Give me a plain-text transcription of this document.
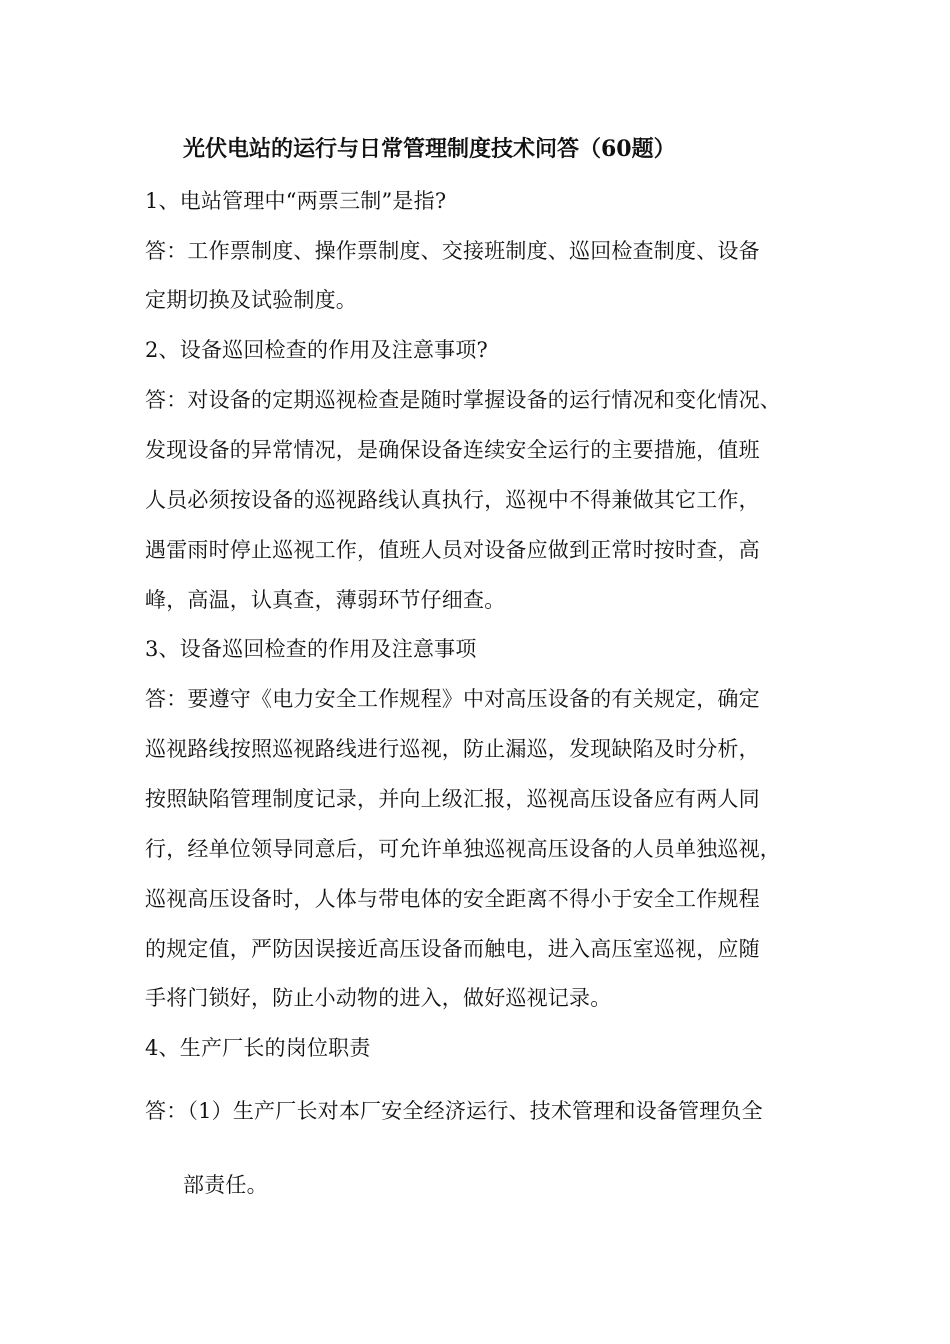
光伏电站的运行与日常管理制度技术问答（60题）
1、电站管理中“两票三制”是指?
答：工作票制度、操作票制度、交接班制度、巡回检查制度、设备
定期切换及试验制度。
2、设备巡回检查的作用及注意事项?
答：对设备的定期巡视检查是随时掌握设备的运行情况和变化情况、
发现设备的异常情况，是确保设备连续安全运行的主要措施，值班
人员必须按设备的巡视路线认真执行，巡视中不得兼做其它工作，
遇雷雨时停止巡视工作，值班人员对设备应做到正常时按时查，高
峰，高温，认真查，薄弱环节仔细查。
3、设备巡回检查的作用及注意事项
答：要遵守《电力安全工作规程》中对高压设备的有关规定，确定
巡视路线按照巡视路线进行巡视，防止漏巡，发现缺陷及时分析，
按照缺陷管理制度记录，并向上级汇报，巡视高压设备应有两人同
行，经单位领导同意后，可允许单独巡视高压设备的人员单独巡视，
巡视高压设备时，人体与带电体的安全距离不得小于安全工作规程
的规定值，严防因误接近高压设备而触电，进入高压室巡视，应随
手将门锁好，防止小动物的进入，做好巡视记录。
4、生产厂长的岗位职责
答：（1）生产厂长对本厂安全经济运行、技术管理和设备管理负全
部责任。
